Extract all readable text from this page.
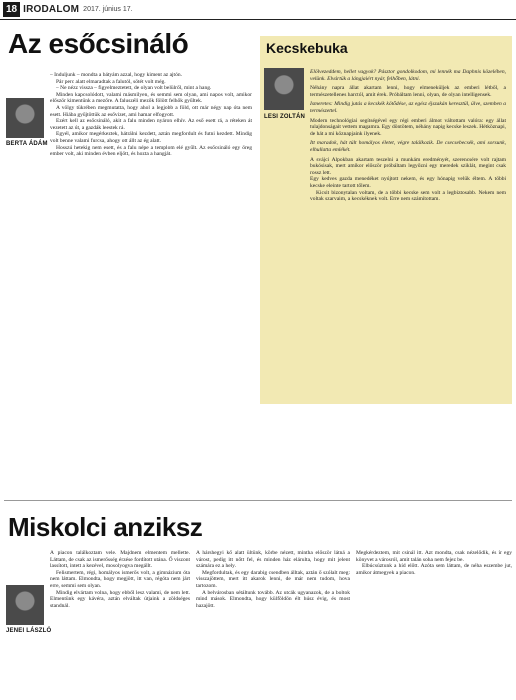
18 IRODALOM 2017. június 17.
Az esőcsináló
BERTA ÁDÁM

– Induljunk – mondta a bátyám azzal, hogy kiment az ajtón.

Pár perc alatt elmaradtak a falutól, sötét volt még.

– Ne nézz vissza – figyelmeztetett, de olyan volt belülről, mint a hang.

Minden kapcsolódott, valami másmilyen, és semmi sem olyan, ami napos volt, amikor először kimentünk a mezőre. A faluszéli mezők fölött felhők gyűltek.

A völgy tükrében megmutatta, hogy ahol a legjobb a föld, ott már négy nap óta nem esett. Hiába gyűjtöttük az esővizet, ami hamar elfogyott.

Ezért kell az esőcsináló, akit a falu minden nyáron elhív. Az eső esett rá, a réteken át vezetett az út, a gazdák leestek rá.

Egyél, amikor megérkeztek, hátrálni kezdett, aztán megfordult és futni kezdett. Mindig volt benne valami furcsa, ahogy ott állt az ég alatt.

Hosszú hetekig nem esett, és a falu népe a templom elé gyűlt. Az esőcsináló egy öreg ember volt, aki minden évben eljött, és hozta a hangját.

Kecskebuka
LESI ZOLTÁN

Elölvezeddem, hellet vagyok? Pásztor gondolkodom, mi lennék ma Daphnis közelében, velünk. Elvártük a lángjaiért nyár, felhőben, látni.

Néhány napra állat akartam lenni, hogy elmeneküljek az emberi létből, a természetellenes harctól, amit érek. Próbáltam lenni, olyan, de olyan intelligensek.

Ismeretes: Mindig jutás a kecskék kötődése, az egész éjszakán keresztül, ülve, szemben a természettel.

Modern technológiai segítségével egy régi emberi álmot váltottam valóra: egy állat tulajdonságait vettem magamra. Egy döntötem, néhány napig kecske leszek. Hétköznapi, de hát a mi köznapjaink ilyenek.

Itt maradok, hát túlt homályos életet, végre találkozik. De csecsebecsék, ami sorsunk, elhullatta emlékét.

A svájci Alpokban akartam teszelni a munkám eredményét, szerencsére volt rajtam bukósisak, mert amikor először próbáltam legyőzni egy meredek sziklát, megint csak rossz lett.

Egy kedves gazda menedéket nyújtott nekem, és egy hónapig velük éltem. A többi kecske eleinte tartott tőlem.

Kicsit bizonytalan voltam, de a többi kecske sem volt a legbiztosabb. Nekem nem voltak szarvaim, a kecskéknek volt. Erre nem számítottam.

Miskolci anziksz
JENEI LÁSZLÓ

A piacon találkoztam vele. Majdnem elmentem mellette. Láttam, de csak az ismerősség érzése fordított utána. Ő viszont lassított, intett a kezével, mosolyogva megállt.

Felismertem, régi, homályos ismerős volt, a gimnázium óta nem láttam. Elmondta, hogy megjött, itt van, régóta nem járt erre, semmi sem olyan.

Mindig elvártam volna, hogy ebből lesz valami, de nem lett. Elmentünk egy kávéra, aztán elváltak útjaink a zöldséges standnál.

A hárshegyi kő alatt ültünk, körbe nézett, mintha először látná a várost, pedig itt nőtt fel, és minden ház elárulta, hogy mit jelent számára ez a hely.

Megfordultak, és egy darabig csendben álltak, aztán ő szólalt meg: visszajöttem, mert itt akarok lenni, de már nem tudom, hova tartozom.

A belvárosban sétáltunk tovább. Az utcák ugyanazok, de a boltok mind mások. Elmondta, hogy külföldön élt húsz évig, és most hazajött.

Megkérdeztem, mit csinál itt. Azt mondta, csak nézelődik, és ír egy könyvet a városról, amit talán soha nem fejez be.

Elbúcsúztunk a híd előtt. Azóta sem láttam, de néha eszembe jut, amikor átmegyek a piacon.
